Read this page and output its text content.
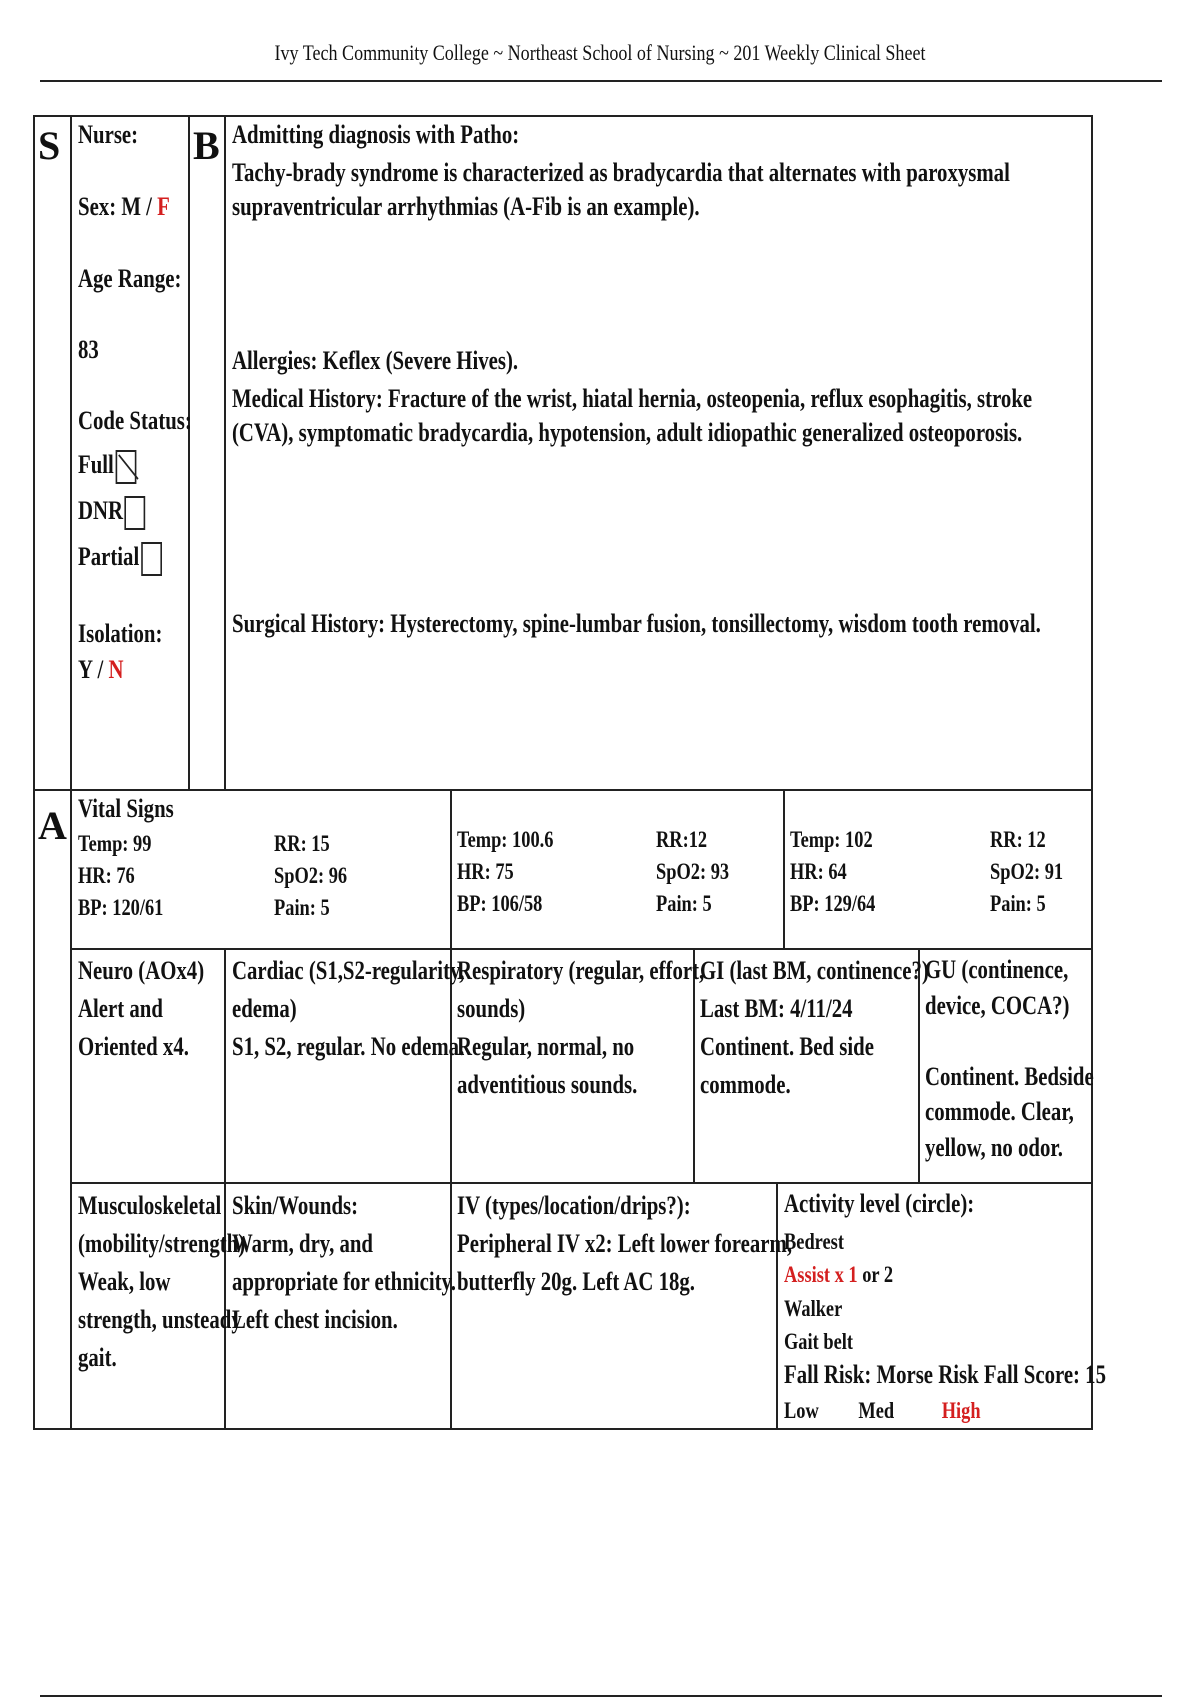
Ivy Tech Community College ~ Northeast School of Nursing ~ 201 Weekly Clinical Sheet
S	B
A
Nurse:
Sex: M / F
Age Range:
83
Code Status:
Full
DNR
Partial
Isolation:
Y / N
Admitting diagnosis with Patho:
Tachy-brady syndrome is characterized as bradycardia that alternates with paroxysmal supraventricular arrhythmias (A-Fib is an example).
Allergies: Keflex (Severe Hives).
Medical History: Fracture of the wrist, hiatal hernia, osteopenia, reflux esophagitis, stroke (CVA), symptomatic bradycardia, hypotension, adult idiopathic generalized osteoporosis.
Surgical History: Hysterectomy, spine-lumbar fusion, tonsillectomy, wisdom tooth removal.
Vital Signs
Temp: 99
HR: 76
BP: 120/61
RR: 15
SpO2: 96
Pain: 5
Temp: 100.6
HR: 75
BP: 106/58
RR:12
SpO2: 93
Pain: 5
Temp: 102
HR: 64
BP: 129/64
RR: 12
SpO2: 91
Pain: 5
Neuro (AOx4)
Alert and
Oriented x4.
Cardiac (S1,S2-regularity,
edema)
S1, S2, regular. No edema.
Respiratory (regular, effort,
sounds)
Regular, normal, no
adventitious sounds.
GI (last BM, continence?)
Last BM: 4/11/24
Continent. Bed side
commode.
GU (continence,
device, COCA?)

Continent. Bedside
commode. Clear,
yellow, no odor.
Musculoskeletal
(mobility/strength)
Weak, low
strength, unsteady
gait.
Skin/Wounds:
Warm, dry, and
appropriate for ethnicity.
Left chest incision.
IV (types/location/drips?):
Peripheral IV x2: Left lower forearm,
butterfly 20g. Left AC 18g.
Activity level (circle):
Bedrest
Assist x 1 or 2
Walker
Gait belt
Fall Risk: Morse Risk Fall Score: 15
Low Med High
